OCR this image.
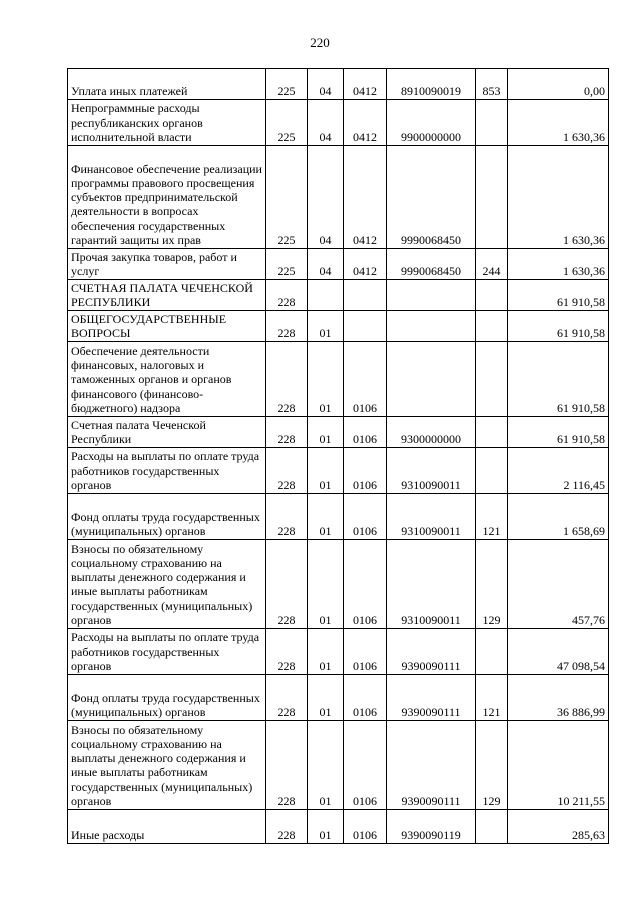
220
Уплата иных платежей	225	04	0412	8910090019	853	0,00
Непрограммные расходы республиканских органов исполнительной власти	225	04	0412	9900000000		1 630,36
Финансовое обеспечение реализации программы правового просвещения субъектов предпринимательской деятельности в вопросах обеспечения государственных гарантий защиты их прав	225	04	0412	9990068450		1 630,36
Прочая закупка товаров, работ и услуг	225	04	0412	9990068450	244	1 630,36
СЧЕТНАЯ ПАЛАТА ЧЕЧЕНСКОЙ РЕСПУБЛИКИ	228					61 910,58
ОБЩЕГОСУДАРСТВЕННЫЕ ВОПРОСЫ	228	01				61 910,58
Обеспечение деятельности финансовых, налоговых и таможенных органов и органов финансового (финансово-бюджетного) надзора	228	01	0106			61 910,58
Счетная палата Чеченской Республики	228	01	0106	9300000000		61 910,58
Расходы на выплаты по оплате труда работников государственных органов	228	01	0106	9310090011		2 116,45
Фонд оплаты труда государственных (муниципальных) органов	228	01	0106	9310090011	121	1 658,69
Взносы по обязательному социальному страхованию на выплаты денежного содержания и иные выплаты работникам государственных (муниципальных) органов	228	01	0106	9310090011	129	457,76
Расходы на выплаты по оплате труда работников государственных органов	228	01	0106	9390090111		47 098,54
Фонд оплаты труда государственных (муниципальных) органов	228	01	0106	9390090111	121	36 886,99
Взносы по обязательному социальному страхованию на выплаты денежного содержания и иные выплаты работникам государственных (муниципальных) органов	228	01	0106	9390090111	129	10 211,55
Иные расходы	228	01	0106	9390090119		285,63
